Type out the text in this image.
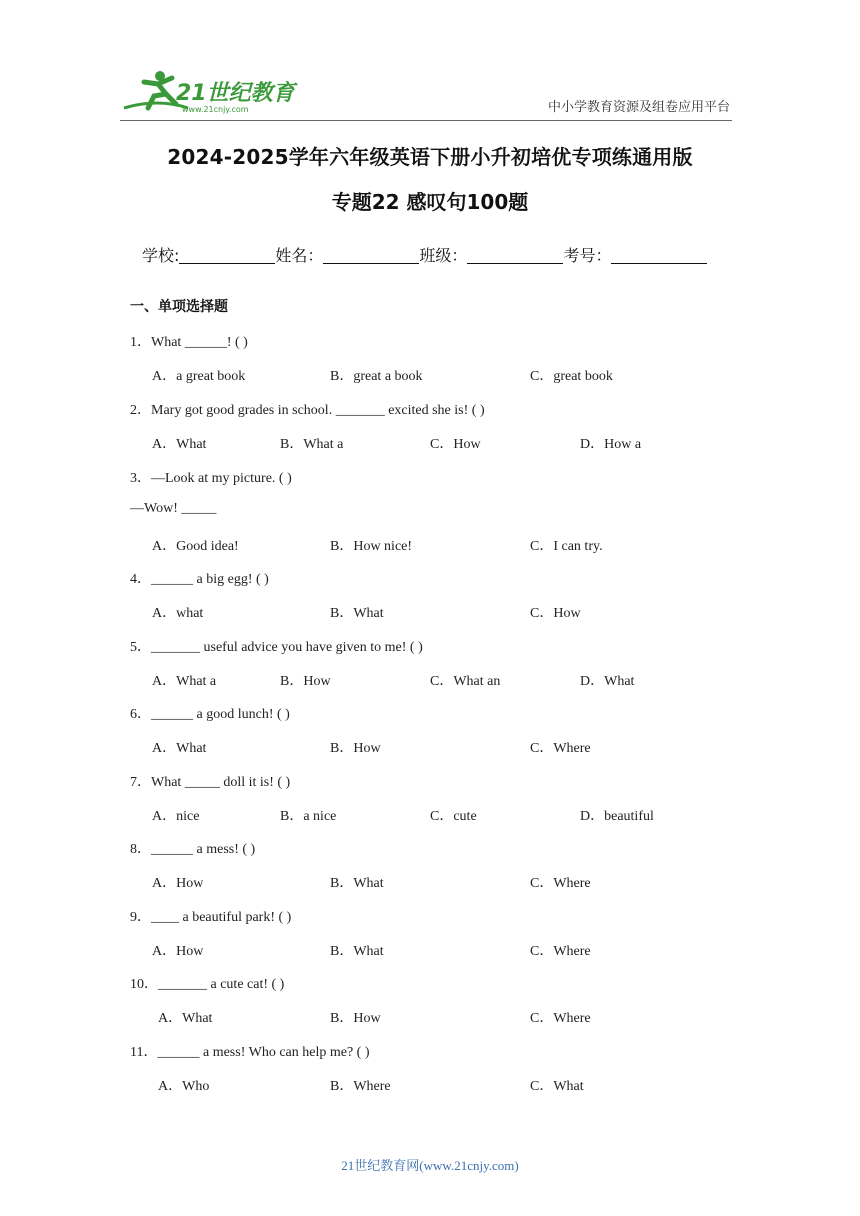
21世纪教育
www.21cnjy.com	中小学教育资源及组卷应用平台
2024-2025学年六年级英语下册小升初培优专项练通用版
专题22 感叹句100题
学校:	姓名：	班级：	考号：
一、单项选择题
1．What ______! ( )
A．a great book	B．great a book	C．great book
2．Mary got good grades in school. _______ excited she is! ( )
A．What	B．What a	C．How	D．How a
3．—Look at my picture. ( )
—Wow! _____
A．Good idea!	B．How nice!	C．I can try.
4．______ a big egg! ( )
A．what	B．What	C．How
5．_______ useful advice you have given to me! ( )
A．What a	B．How	C．What an	D．What
6．______ a good lunch! ( )
A．What	B．How	C．Where
7．What _____ doll it is! ( )
A．nice	B．a nice	C．cute	D．beautiful
8．______ a mess! ( )
A．How	B．What	C．Where
9．____ a beautiful park! ( )
A．How	B．What	C．Where
10．_______ a cute cat! ( )
A．What	B．How	C．Where
11．______ a mess! Who can help me? ( )
A．Who	B．Where	C．What
21世纪教育网(www.21cnjy.com)
